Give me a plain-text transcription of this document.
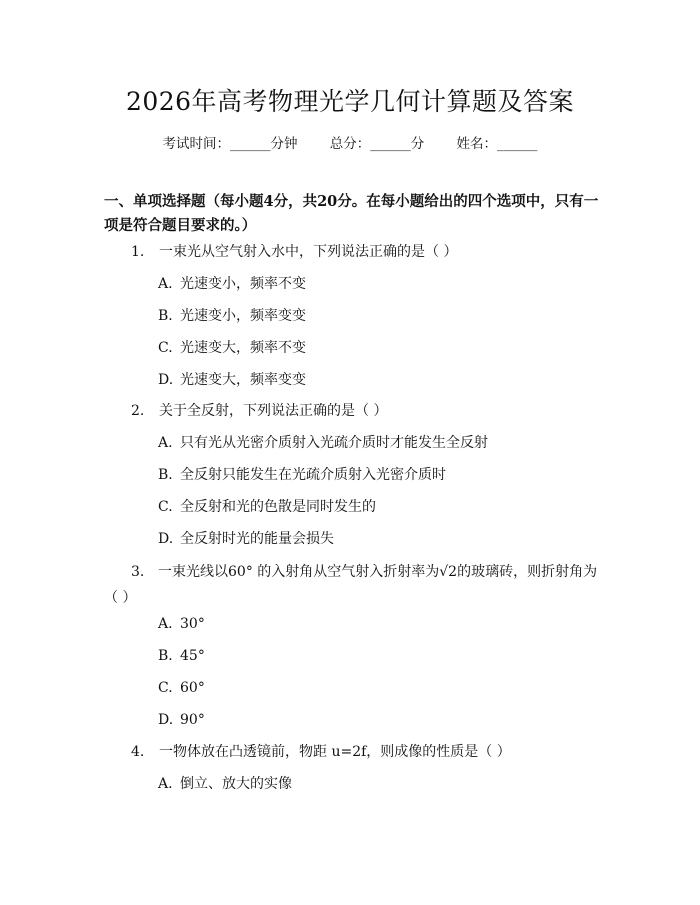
2026年高考物理光学几何计算题及答案
考试时间：______分钟 总分：______分 姓名：______
一、单项选择题（每小题4分，共20分。在每小题给出的四个选项中，只有一项是符合题目要求的。）
1. 一束光从空气射入水中，下列说法正确的是（ ）
A. 光速变小，频率不变
B. 光速变小，频率变变
C. 光速变大，频率不变
D. 光速变大，频率变变
2. 关于全反射，下列说法正确的是（ ）
A. 只有光从光密介质射入光疏介质时才能发生全反射
B. 全反射只能发生在光疏介质射入光密介质时
C. 全反射和光的色散是同时发生的
D. 全反射时光的能量会损失
3. 一束光线以60° 的入射角从空气射入折射率为√2的玻璃砖，则折射角为（ ）
A. 30°
B. 45°
C. 60°
D. 90°
4. 一物体放在凸透镜前，物距 u=2f，则成像的性质是（ ）
A. 倒立、放大的实像
